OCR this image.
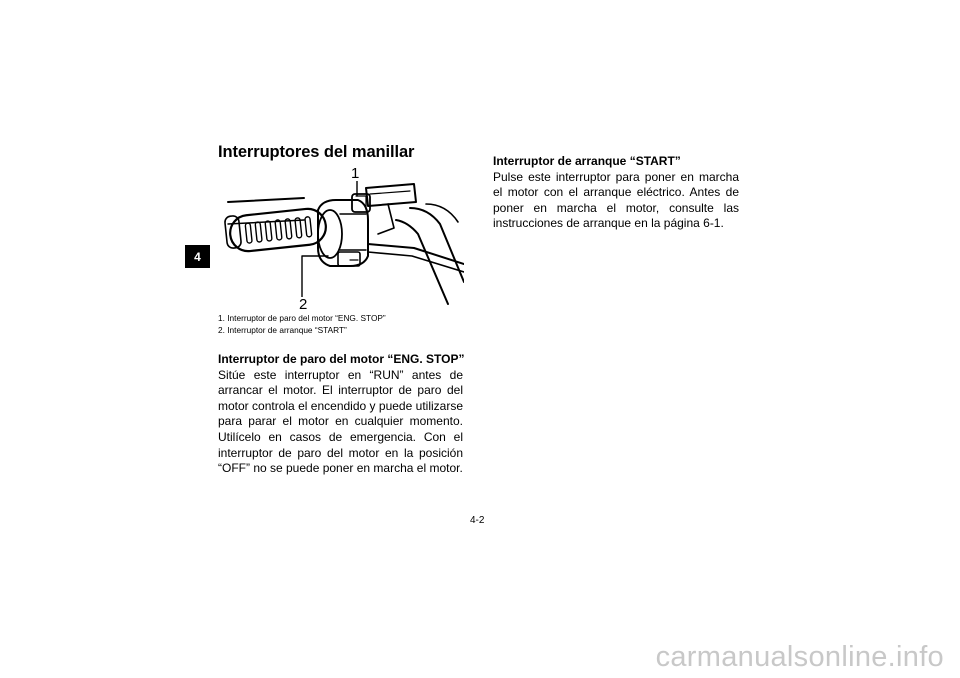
4
Interruptores del manillar
1
2
1. Interruptor de paro del motor “ENG. STOP”
2. Interruptor de arranque “START”
Interruptor de paro del motor “ENG. STOP”

Sitúe este interruptor en “RUN” antes de arrancar el motor. El interruptor de paro del motor controla el encendido y puede utilizarse para parar el motor en cualquier momento. Utilícelo en casos de emergencia. Con el interruptor de paro del motor en la posición “OFF” no se puede poner en marcha el motor.

Interruptor de arranque “START”

Pulse este interruptor para poner en marcha el motor con el arranque eléctrico. Antes de poner en marcha el motor, consulte las instrucciones de arranque en la página 6-1.

4-2
carmanualsonline.info
